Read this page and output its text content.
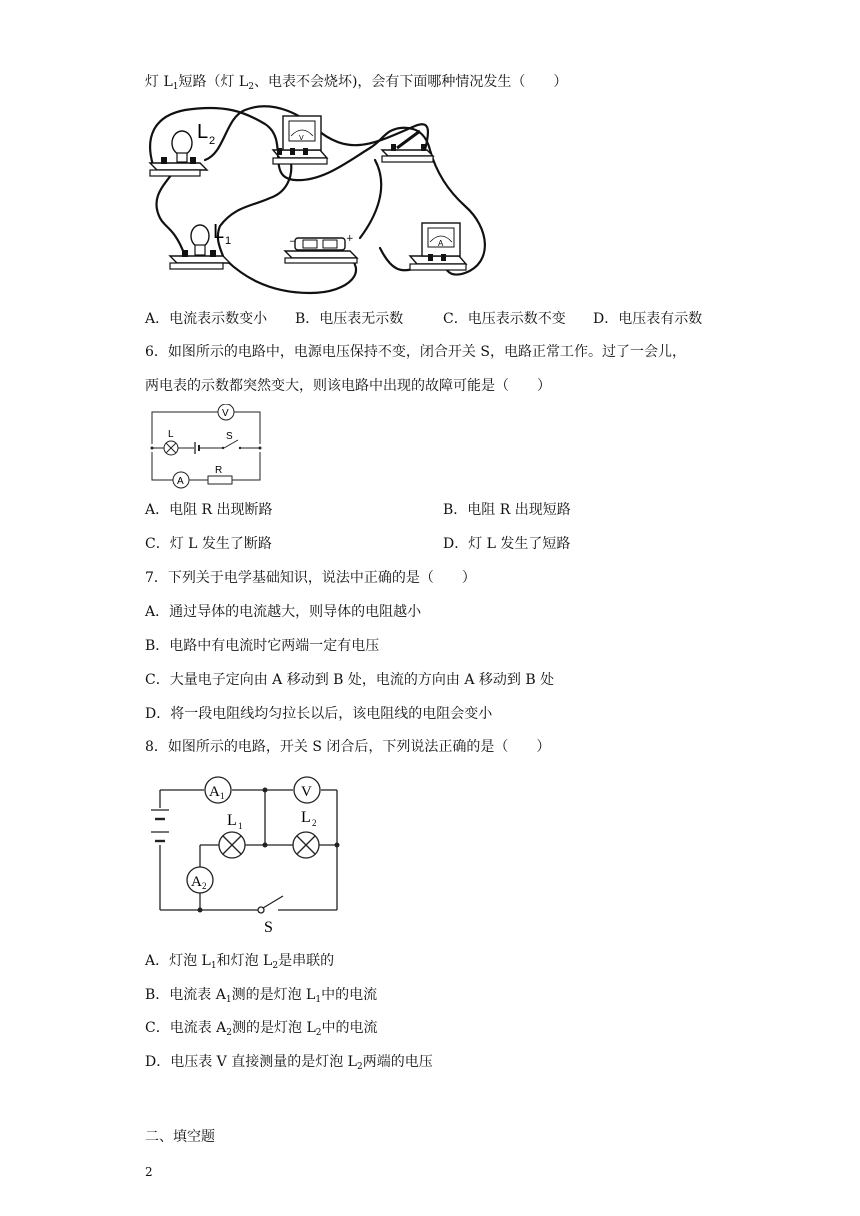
灯 $L_1$短路（灯 $L_2$、电表不会烧坏)，会有下面哪种情况发生（　　）
L 2	V
L 1	−	+	A
A．电流表示数变小 B．电压表无示数	C．电压表示数不变 D．电压表有示数
6．如图所示的电路中，电源电压保持不变，闭合开关 S，电路正常工作。过了一会儿，
两电表的示数都突然变大，则该电路中出现的故障可能是（　　）
V
L	S
A
R
A．电阻 R 出现断路	B．电阻 R 出现短路
C．灯 L 发生了断路	D．灯 L 发生了短路
7．下列关于电学基础知识，说法中正确的是（　　）
A．通过导体的电流越大，则导体的电阻越小
B．电路中有电流时它两端一定有电压
C．大量电子定向由 A 移动到 B 处，电流的方向由 A 移动到 B 处
D．将一段电阻线均匀拉长以后，该电阻线的电阻会变小
8．如图所示的电路，开关 S 闭合后，下列说法正确的是（　　）
A 1	V
L 1	L 2
A 2
S
A．灯泡 $L_1$和灯泡 $L_2$是串联的
B．电流表 $A_1$测的是灯泡 $L_1$中的电流
C．电流表 $A_2$测的是灯泡 $L_2$中的电流
D．电压表 V 直接测量的是灯泡 $L_2$两端的电压
二、填空题
2
